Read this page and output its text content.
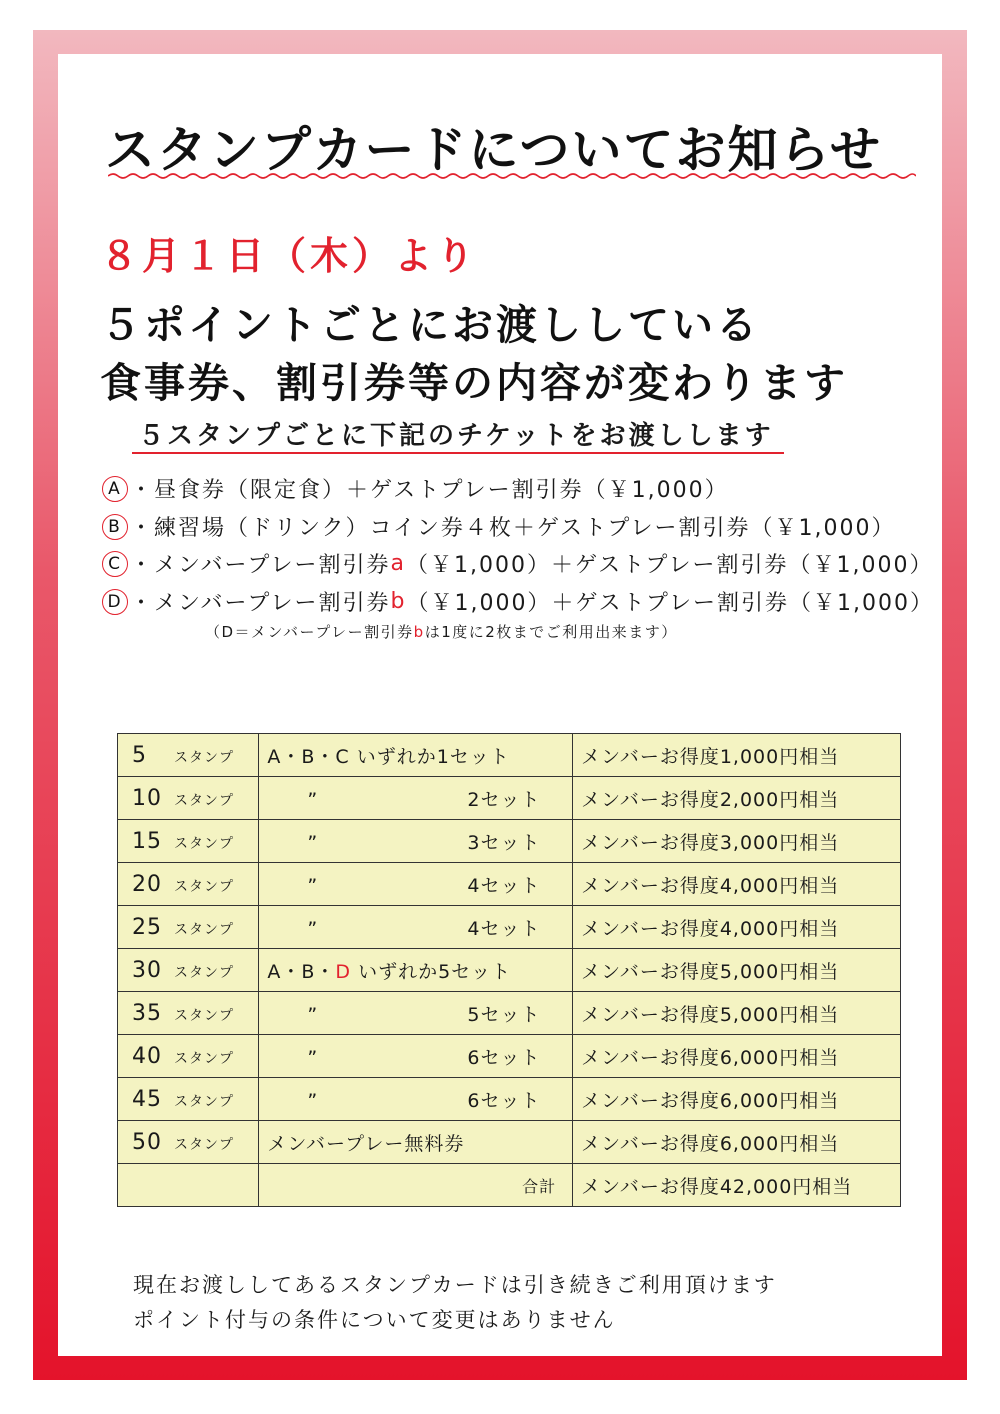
スタンプカードについてお知らせ
８月１日（木）より
５ポイントごとにお渡ししている
食事券、割引券等の内容が変わります
５スタンプごとに下記のチケットをお渡しします
A ・昼食券（限定食）＋ゲストプレー割引券（￥1,000）
B ・練習場（ドリンク）コイン券４枚＋ゲストプレー割引券（￥1,000）
C ・メンバープレー割引券 a （￥1,000）＋ゲストプレー割引券（￥1,000）
D ・メンバープレー割引券 b （￥1,000）＋ゲストプレー割引券（￥1,000）
（D＝メンバープレー割引券bは1度に2枚までご利用出来ます）
5 スタンプ	A・B・C いずれか1セット	メンバーお得度1,000円相当
10 スタンプ	” 2セット	メンバーお得度2,000円相当
15 スタンプ	” 3セット	メンバーお得度3,000円相当
20 スタンプ	” 4セット	メンバーお得度4,000円相当
25 スタンプ	” 4セット	メンバーお得度4,000円相当
30 スタンプ	A・B・D いずれか5セット	メンバーお得度5,000円相当
35 スタンプ	” 5セット	メンバーお得度5,000円相当
40 スタンプ	” 6セット	メンバーお得度6,000円相当
45 スタンプ	” 6セット	メンバーお得度6,000円相当
50 スタンプ	メンバープレー無料券	メンバーお得度6,000円相当

	合計	メンバーお得度42,000円相当
現在お渡ししてあるスタンプカードは引き続きご利用頂けます
ポイント付与の条件について変更はありません
